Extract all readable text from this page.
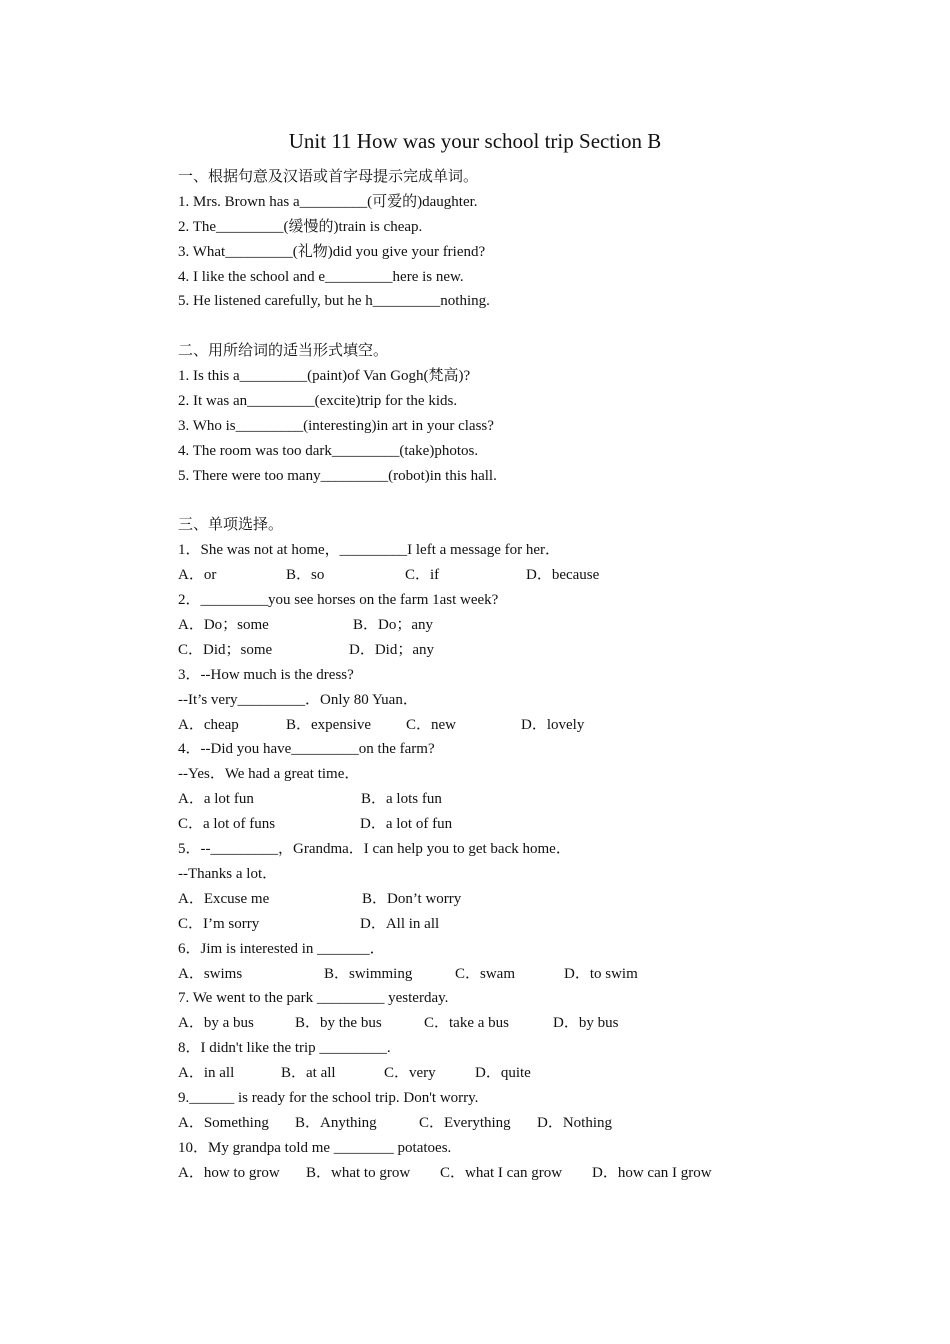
Unit 11 How was your school trip Section B
一、根据句意及汉语或首字母提示完成单词。
1. Mrs. Brown has a_________(可爱的)daughter.
2. The_________(缓慢的)train is cheap.
3. What_________(礼物)did you give your friend?
4. I like the school and e_________here is new.
5. He listened carefully, but he h_________nothing.
二、用所给词的适当形式填空。
1. Is this a_________(paint)of Van Gogh(梵高)?
2. It was an_________(excite)trip for the kids.
3. Who is_________(interesting)in art in your class?
4. The room was too dark_________(take)photos.
5. There were too many_________(robot)in this hall.
三、单项选择。
1．She was not at home，_________I left a message for her．
A．or	B．so	C．if	D．because
2．_________you see horses on the farm 1ast week?
A．Do；some	B．Do；any
C．Did；some	D．Did；any
3．--How much is the dress?
--It’s very_________．Only 80 Yuan．
A．cheap	B．expensive C．new	D．lovely
4．--Did you have_________on the farm?
--Yes．We had a great time．
A．a lot fun	B．a lots fun
C．a lot of funs	D．a lot of fun
5．--_________，Grandma．I can help you to get back home．
--Thanks a lot．
A．Excuse me	B．Don’t worry
C．I’m sorry	D．All in all
6．Jim is interested in _______．
A．swims	B．swimming	C．swam	D．to swim
7. We went to the park _________ yesterday.
A．by a bus	B．by the bus	C．take a bus	D．by bus
8．I didn't like the trip _________.
A．in all	B．at all	C．very	D．quite
9.______ is ready for the school trip. Don't worry.
A．Something B．Anything	C．Everything D．Nothing
10．My grandpa told me ________ potatoes.
A．how to grow B．what to grow C．what I can grow D．how can I grow
